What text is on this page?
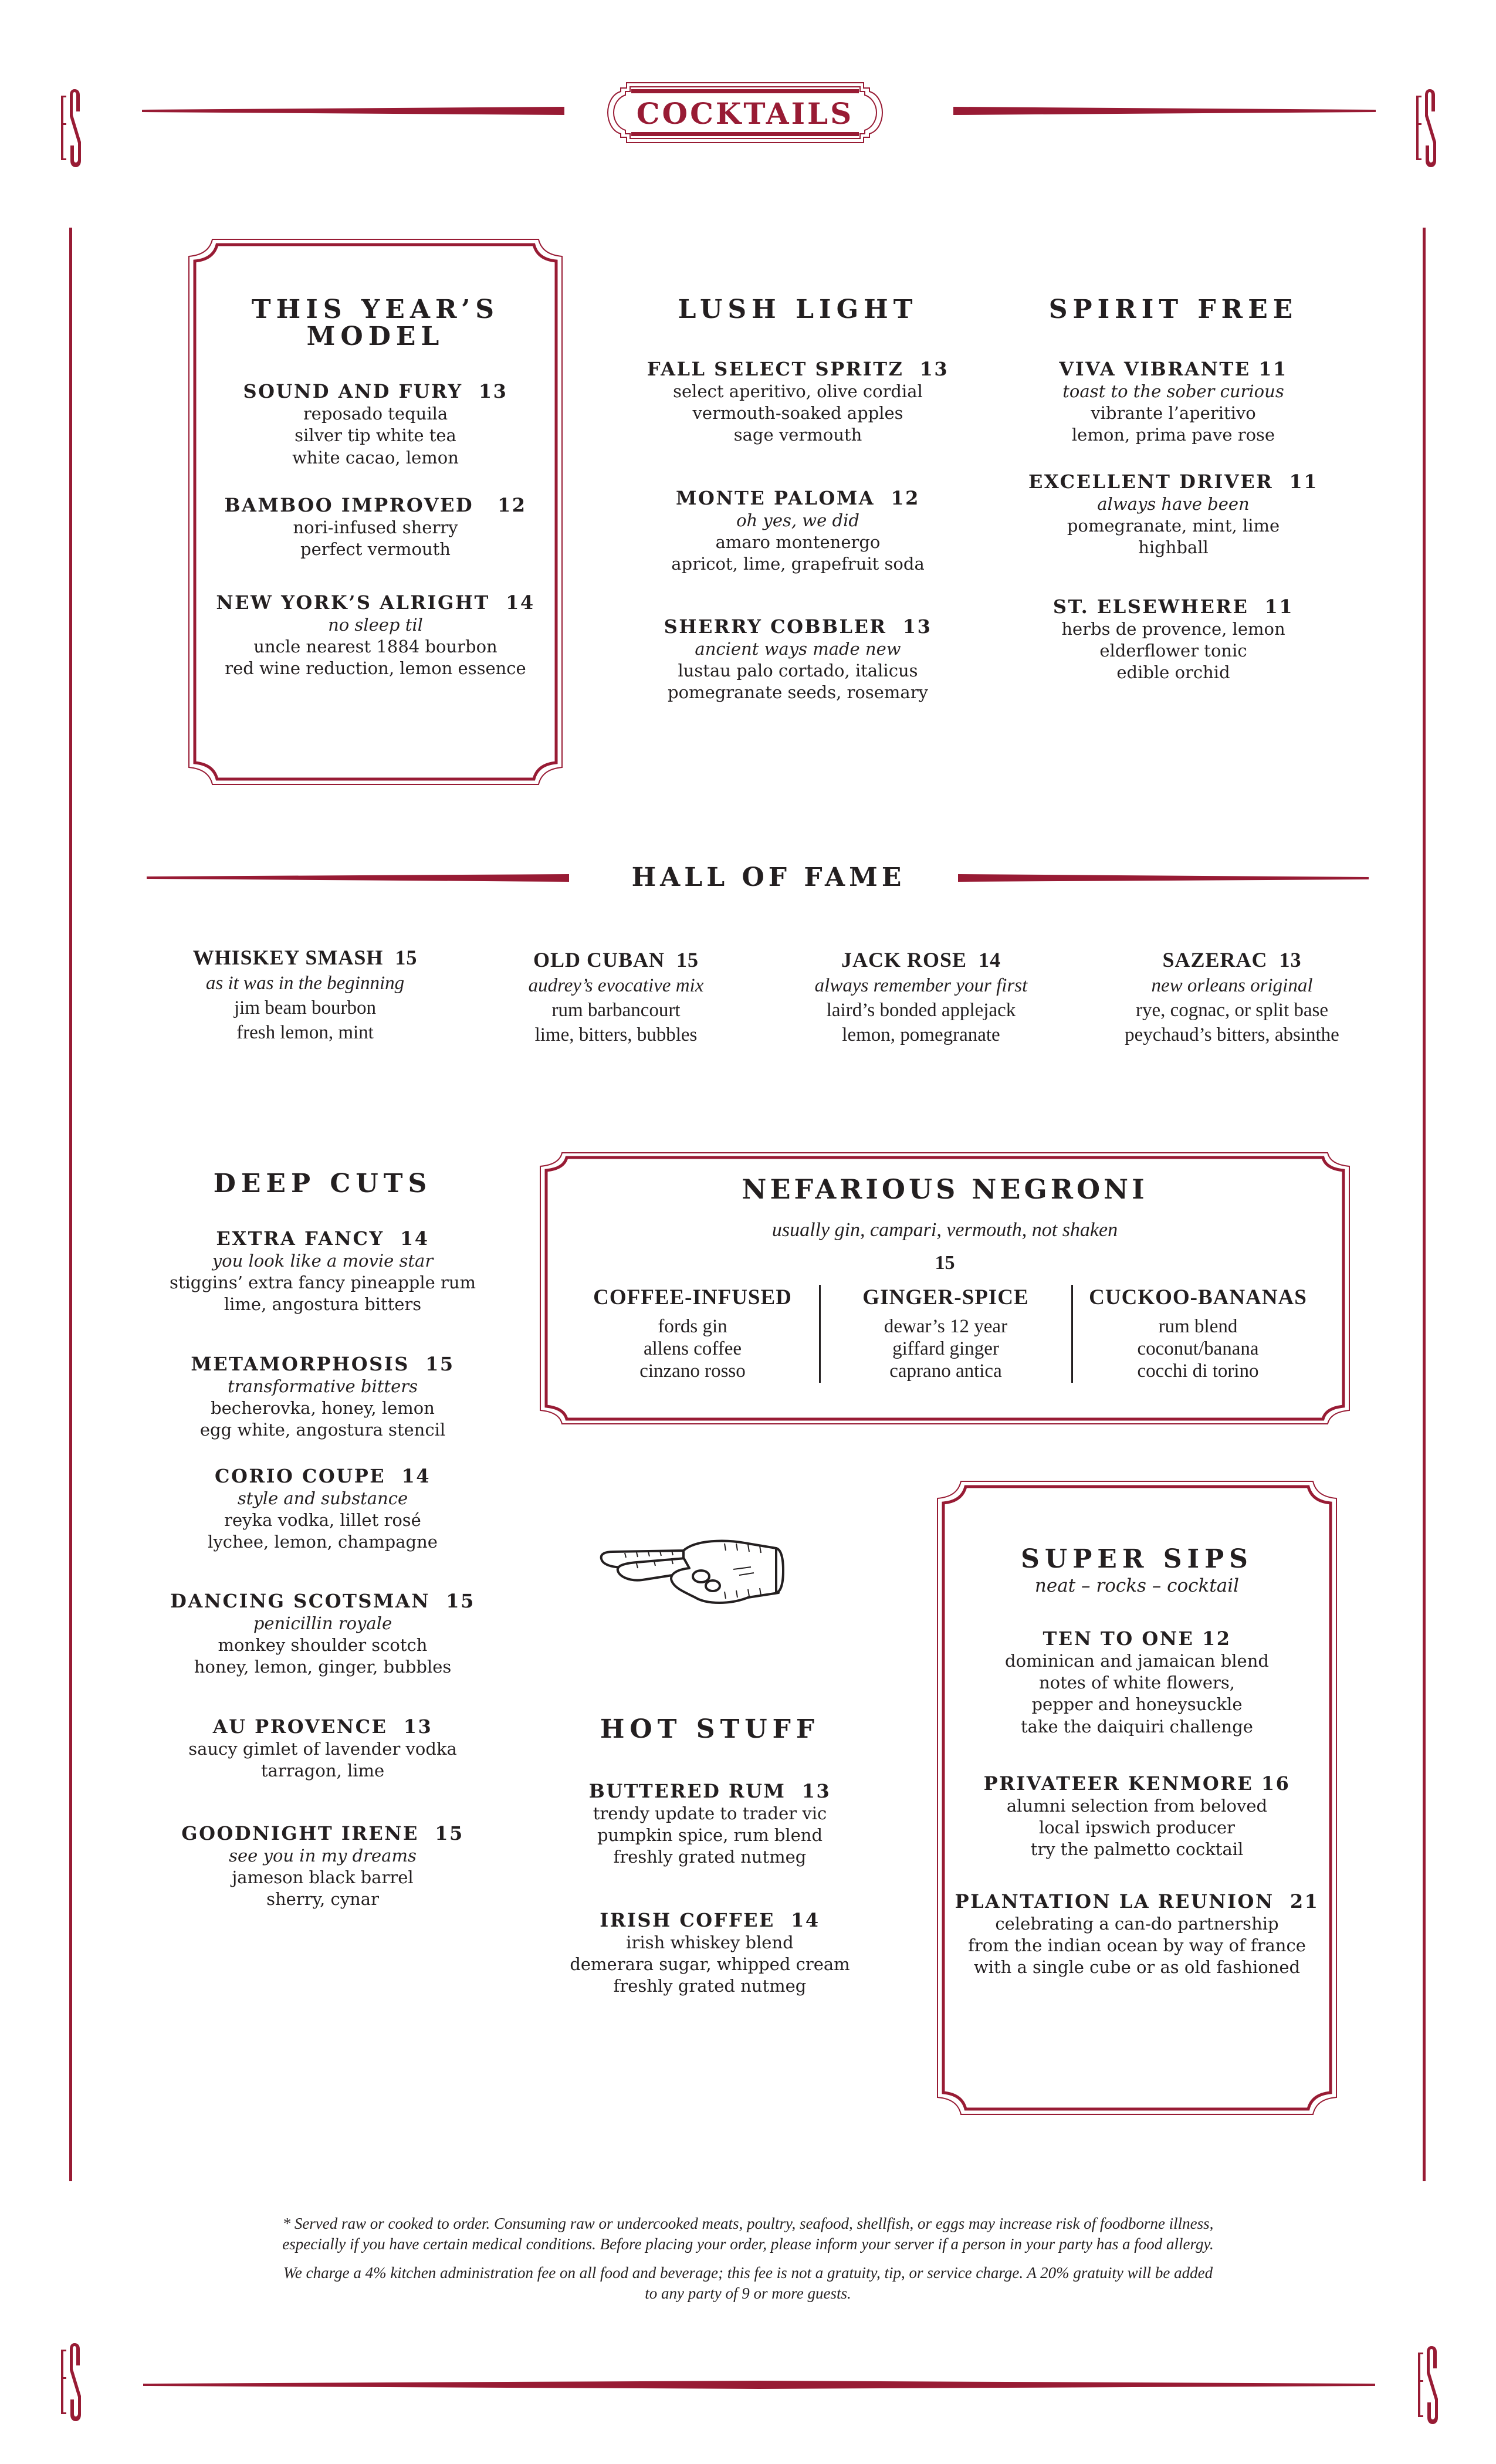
COCKTAILS
THIS YEAR’S
MODEL
SOUND AND FURY  13
reposado tequila
silver tip white tea
white cacao, lemon
BAMBOO IMPROVED   12
nori-infused sherry
perfect vermouth
NEW YORK’S ALRIGHT  14
no sleep til
uncle nearest 1884 bourbon
red wine reduction, lemon essence
LUSH LIGHT
FALL SELECT SPRITZ  13
select aperitivo, olive cordial
vermouth-soaked apples
sage vermouth
MONTE PALOMA  12
oh yes, we did
amaro montenergo
apricot, lime, grapefruit soda
SHERRY COBBLER  13
ancient ways made new
lustau palo cortado, italicus
pomegranate seeds, rosemary
SPIRIT FREE
VIVA VIBRANTE 11
toast to the sober curious
vibrante l’aperitivo
lemon, prima pave rose
EXCELLENT DRIVER  11
always have been
pomegranate, mint, lime
highball
ST. ELSEWHERE  11
herbs de provence, lemon
elderflower tonic
edible orchid
HALL OF FAME
WHISKEY SMASH  15
as it was in the beginning
jim beam bourbon
fresh lemon, mint
OLD CUBAN  15
audrey’s evocative mix
rum barbancourt
lime, bitters, bubbles
JACK ROSE  14
always remember your first
laird’s bonded applejack
lemon, pomegranate
SAZERAC  13
new orleans original
rye, cognac, or split base
peychaud’s bitters, absinthe
DEEP CUTS
EXTRA FANCY  14
you look like a movie star
stiggins’ extra fancy pineapple rum
lime, angostura bitters
METAMORPHOSIS  15
transformative bitters
becherovka, honey, lemon
egg white, angostura stencil
CORIO COUPE  14
style and substance
reyka vodka, lillet rosé
lychee, lemon, champagne
DANCING SCOTSMAN  15
penicillin royale
monkey shoulder scotch
honey, lemon, ginger, bubbles
AU PROVENCE  13
saucy gimlet of lavender vodka
tarragon, lime
GOODNIGHT IRENE  15
see you in my dreams
jameson black barrel
sherry, cynar
NEFARIOUS NEGRONI
usually gin, campari, vermouth, not shaken
15
COFFEE-INFUSED
fords gin
allens coffee
cinzano rosso
GINGER-SPICE
dewar’s 12 year
giffard ginger
caprano antica
CUCKOO-BANANAS
rum blend
coconut/banana
cocchi di torino
HOT STUFF
BUTTERED RUM  13
trendy update to trader vic
pumpkin spice, rum blend
freshly grated nutmeg
IRISH COFFEE  14
irish whiskey blend
demerara sugar, whipped cream
freshly grated nutmeg
SUPER SIPS
neat – rocks – cocktail
TEN TO ONE 12
dominican and jamaican blend
notes of white flowers,
pepper and honeysuckle
take the daiquiri challenge
PRIVATEER KENMORE 16
alumni selection from beloved
local ipswich producer
try the palmetto cocktail
PLANTATION LA REUNION  21
celebrating a can-do partnership
from the indian ocean by way of france
with a single cube or as old fashioned
* Served raw or cooked to order. Consuming raw or undercooked meats, poultry, seafood, shellfish, or eggs may increase risk of foodborne illness,
especially if you have certain medical conditions. Before placing your order, please inform your server if a person in your party has a food allergy.
We charge a 4% kitchen administration fee on all food and beverage; this fee is not a gratuity, tip, or service charge. A 20% gratuity will be added
to any party of 9 or more guests.
